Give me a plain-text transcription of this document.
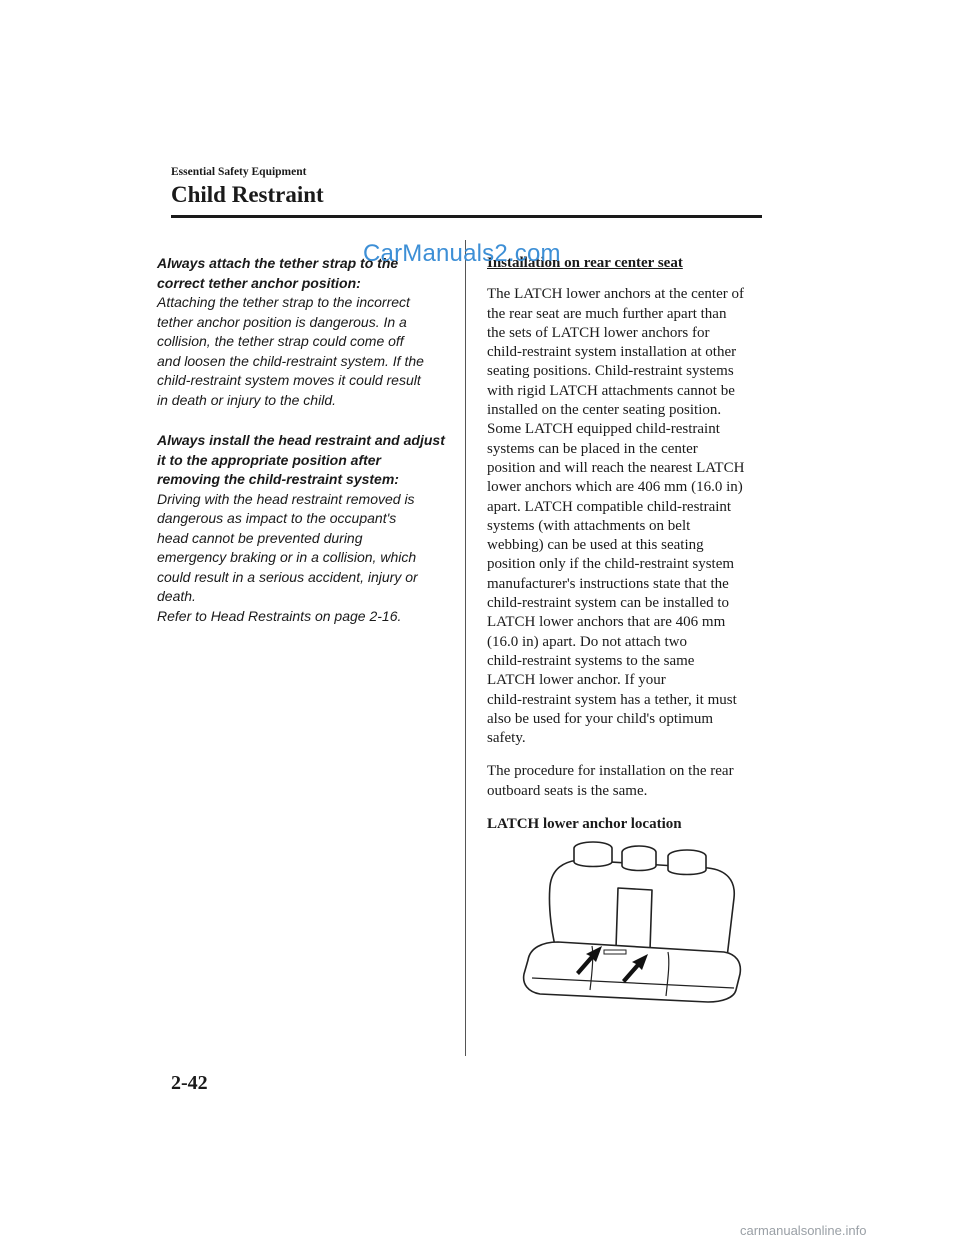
Essential Safety Equipment
Child Restraint
Always attach the tether strap to the
correct tether anchor position:
Attaching the tether strap to the incorrect
tether anchor position is dangerous. In a
collision, the tether strap could come off
and loosen the child-restraint system. If the
child-restraint system moves it could result
in death or injury to the child.
Always install the head restraint and adjust
it to the appropriate position after
removing the child-restraint system:
Driving with the head restraint removed is
dangerous as impact to the occupant's
head cannot be prevented during
emergency braking or in a collision, which
could result in a serious accident, injury or
death.
Refer to Head Restraints on page 2-16.
Installation on rear center seat

The LATCH lower anchors at the center of
the rear seat are much further apart than
the sets of LATCH lower anchors for
child-restraint system installation at other
seating positions. Child-restraint systems
with rigid LATCH attachments cannot be
installed on the center seating position.
Some LATCH equipped child-restraint
systems can be placed in the center
position and will reach the nearest LATCH
lower anchors which are 406 mm (16.0 in)
apart. LATCH compatible child-restraint
systems (with attachments on belt
webbing) can be used at this seating
position only if the child-restraint system
manufacturer's instructions state that the
child-restraint system can be installed to
LATCH lower anchors that are 406 mm
(16.0 in) apart. Do not attach two
child-restraint systems to the same
LATCH lower anchor. If your
child-restraint system has a tether, it must
also be used for your child's optimum
safety.

The procedure for installation on the rear
outboard seats is the same.

LATCH lower anchor location
CarManuals2.com
2-42
carmanualsonline.info
